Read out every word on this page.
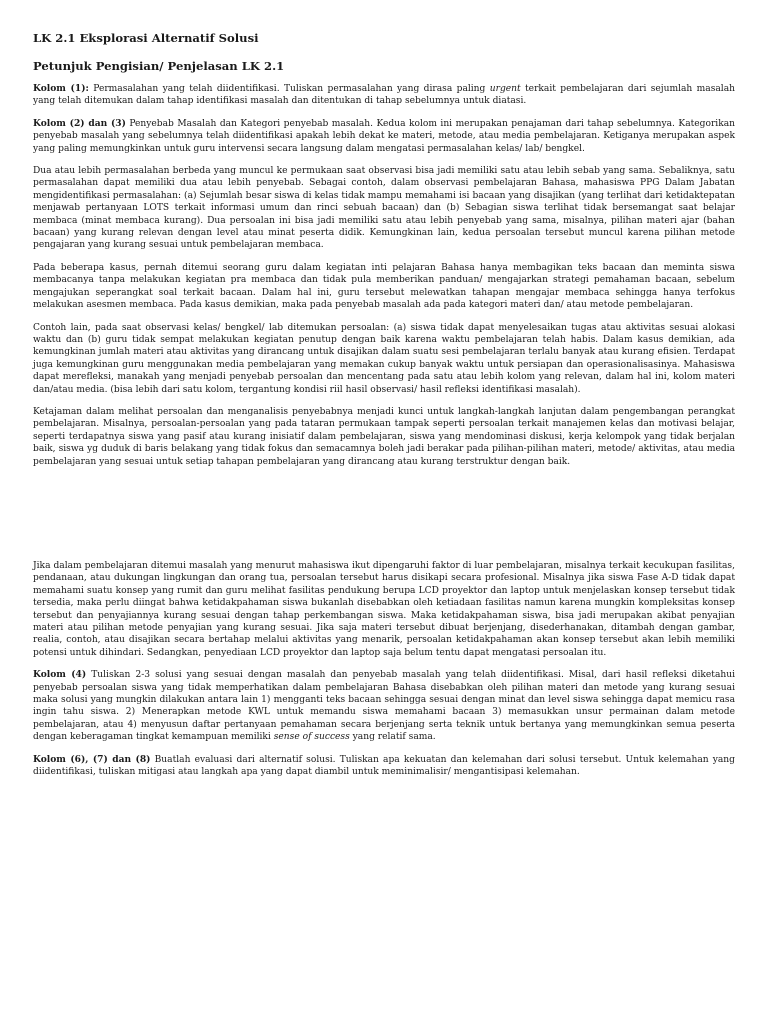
LK 2.1 Eksplorasi Alternatif Solusi
Petunjuk Pengisian/ Penjelasan LK 2.1

Kolom (1): Permasalahan yang telah diidentifikasi. Tuliskan permasalahan yang dirasa paling urgent terkait pembelajaran dari sejumlah masalah yang telah ditemukan dalam tahap identifikasi masalah dan ditentukan di tahap sebelumnya untuk diatasi.

Kolom (2) dan (3) Penyebab Masalah dan Kategori penyebab masalah. Kedua kolom ini merupakan penajaman dari tahap sebelumnya. Kategorikan penyebab masalah yang sebelumnya telah diidentifikasi apakah lebih dekat ke materi, metode, atau media pembelajaran. Ketiganya merupakan aspek yang paling memungkinkan untuk guru intervensi secara langsung dalam mengatasi permasalahan kelas/ lab/ bengkel.

Dua atau lebih permasalahan berbeda yang muncul ke permukaan saat observasi bisa jadi memiliki satu atau lebih sebab yang sama. Sebaliknya, satu permasalahan dapat memiliki dua atau lebih penyebab. Sebagai contoh, dalam observasi pembelajaran Bahasa, mahasiswa PPG Dalam Jabatan mengidentifikasi permasalahan: (a) Sejumlah besar siswa di kelas tidak mampu memahami isi bacaan yang disajikan (yang terlihat dari ketidaktepatan menjawab pertanyaan LOTS terkait informasi umum dan rinci sebuah bacaan) dan (b) Sebagian siswa terlihat tidak bersemangat saat belajar membaca (minat membaca kurang). Dua persoalan ini bisa jadi memiliki satu atau lebih penyebab yang sama, misalnya, pilihan materi ajar (bahan bacaan) yang kurang relevan dengan level atau minat peserta didik. Kemungkinan lain, kedua persoalan tersebut muncul karena pilihan metode pengajaran yang kurang sesuai untuk pembelajaran membaca.

Pada beberapa kasus, pernah ditemui seorang guru dalam kegiatan inti pelajaran Bahasa hanya membagikan teks bacaan dan meminta siswa membacanya tanpa melakukan kegiatan pra membaca dan tidak pula memberikan panduan/ mengajarkan strategi pemahaman bacaan, sebelum mengajukan seperangkat soal terkait bacaan. Dalam hal ini, guru tersebut melewatkan tahapan mengajar membaca sehingga hanya terfokus melakukan asesmen membaca. Pada kasus demikian, maka pada penyebab masalah ada pada kategori materi dan/ atau metode pembelajaran.

Contoh lain, pada saat observasi kelas/ bengkel/ lab ditemukan persoalan: (a) siswa tidak dapat menyelesaikan tugas atau aktivitas sesuai alokasi waktu dan (b) guru tidak sempat melakukan kegiatan penutup dengan baik karena waktu pembelajaran telah habis. Dalam kasus demikian, ada kemungkinan jumlah materi atau aktivitas yang dirancang untuk disajikan dalam suatu sesi pembelajaran terlalu banyak atau kurang efisien. Terdapat juga kemungkinan guru menggunakan media pembelajaran yang memakan cukup banyak waktu untuk persiapan dan operasionalisasinya. Mahasiswa dapat merefleksi, manakah yang menjadi penyebab persoalan dan mencentang pada satu atau lebih kolom yang relevan, dalam hal ini, kolom materi dan/atau media. (bisa lebih dari satu kolom, tergantung kondisi riil hasil observasi/ hasil refleksi identifikasi masalah).

Ketajaman dalam melihat persoalan dan menganalisis penyebabnya menjadi kunci untuk langkah-langkah lanjutan dalam pengembangan perangkat pembelajaran. Misalnya, persoalan-persoalan yang pada tataran permukaan tampak seperti persoalan terkait manajemen kelas dan motivasi belajar, seperti terdapatnya siswa yang pasif atau kurang inisiatif dalam pembelajaran, siswa yang mendominasi diskusi, kerja kelompok yang tidak berjalan baik, siswa yg duduk di baris belakang yang tidak fokus dan semacamnya boleh jadi berakar pada pilihan-pilihan materi, metode/ aktivitas, atau media pembelajaran yang sesuai untuk setiap tahapan pembelajaran yang dirancang atau kurang terstruktur dengan baik.

Jika dalam pembelajaran ditemui masalah yang menurut mahasiswa ikut dipengaruhi faktor di luar pembelajaran, misalnya terkait kecukupan fasilitas, pendanaan, atau dukungan lingkungan dan orang tua, persoalan tersebut harus disikapi secara profesional. Misalnya jika siswa Fase A-D tidak dapat memahami suatu konsep yang rumit dan guru melihat fasilitas pendukung berupa LCD proyektor dan laptop untuk menjelaskan konsep tersebut tidak tersedia, maka perlu diingat bahwa ketidakpahaman siswa bukanlah disebabkan oleh ketiadaan fasilitas namun karena mungkin kompleksitas konsep tersebut dan penyajiannya kurang sesuai dengan tahap perkembangan siswa. Maka ketidakpahaman siswa, bisa jadi merupakan akibat penyajian materi atau pilihan metode penyajian yang kurang sesuai. Jika saja materi tersebut dibuat berjenjang, disederhanakan, ditambah dengan gambar, realia, contoh, atau disajikan secara bertahap melalui aktivitas yang menarik, persoalan ketidakpahaman akan konsep tersebut akan lebih memiliki potensi untuk dihindari. Sedangkan, penyediaan LCD proyektor dan laptop saja belum tentu dapat mengatasi persoalan itu.

Kolom (4) Tuliskan 2-3 solusi yang sesuai dengan masalah dan penyebab masalah yang telah diidentifikasi. Misal, dari hasil refleksi diketahui penyebab persoalan siswa yang tidak memperhatikan dalam pembelajaran Bahasa disebabkan oleh pilihan materi dan metode yang kurang sesuai maka solusi yang mungkin dilakukan antara lain 1) mengganti teks bacaan sehingga sesuai dengan minat dan level siswa sehingga dapat memicu rasa ingin tahu siswa. 2) Menerapkan metode KWL untuk memandu siswa memahami bacaan 3) memasukkan unsur permainan dalam metode pembelajaran, atau 4) menyusun daftar pertanyaan pemahaman secara berjenjang serta teknik untuk bertanya yang memungkinkan semua peserta dengan keberagaman tingkat kemampuan memiliki sense of success yang relatif sama.

Kolom (6), (7) dan (8) Buatlah evaluasi dari alternatif solusi. Tuliskan apa kekuatan dan kelemahan dari solusi tersebut. Untuk kelemahan yang diidentifikasi, tuliskan mitigasi atau langkah apa yang dapat diambil untuk meminimalisir/ mengantisipasi kelemahan.
